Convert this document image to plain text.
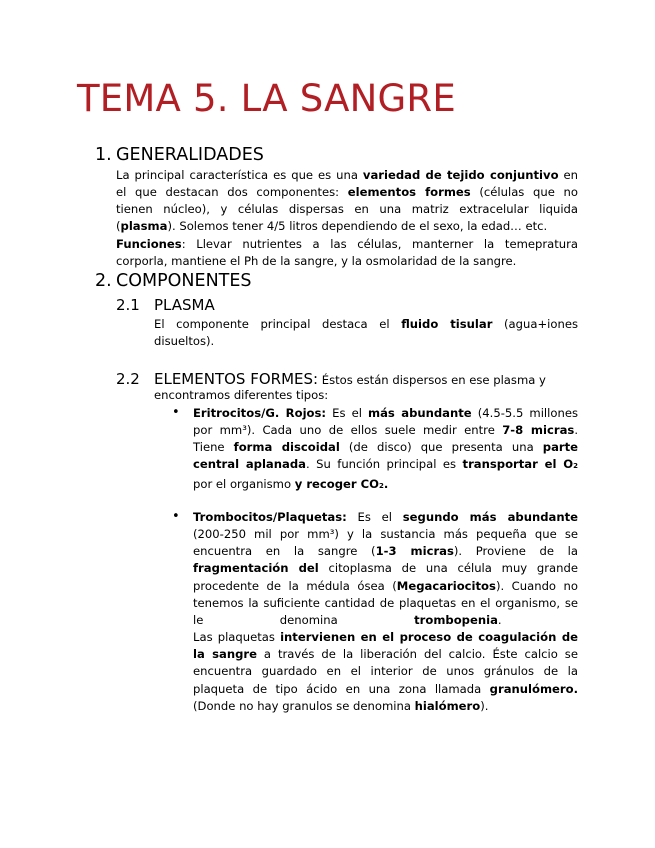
TEMA 5. LA SANGRE
1. GENERALIDADES
La principal característica es que es una variedad de tejido conjuntivo en
el que destacan dos componentes: elementos formes (células que no
tienen núcleo), y células dispersas en una matriz extracelular liquida
(plasma). Solemos tener 4/5 litros dependiendo de el sexo, la edad… etc.
Funciones: Llevar nutrientes a las células, manterner la temepratura
corporla, mantiene el Ph de la sangre, y la osmolaridad de la sangre.
2. COMPONENTES
2.1 PLASMA
El componente principal destaca el fluido tisular (agua+iones
disueltos).
2.2 ELEMENTOS FORMES: Éstos están dispersos en ese plasma y
encontramos diferentes tipos:
• Eritrocitos/G. Rojos: Es el más abundante (4.5-5.5 millones
por mm³). Cada uno de ellos suele medir entre 7-8 micras.
Tiene forma discoidal (de disco) que presenta una parte
central aplanada. Su función principal es transportar el O2
por el organismo y recoger CO2.
• Trombocitos/Plaquetas: Es el segundo más abundante
(200-250 mil por mm³) y la sustancia más pequeña que se
encuentra en la sangre (1-3 micras). Proviene de la
fragmentación del citoplasma de una célula muy grande
procedente de la médula ósea (Megacariocitos). Cuando no
tenemos la suficiente cantidad de plaquetas en el organismo, se
le	denomina	trombopenia.
Las plaquetas intervienen en el proceso de coagulación de
la sangre a través de la liberación del calcio. Éste calcio se
encuentra guardado en el interior de unos gránulos de la
plaqueta de tipo ácido en una zona llamada granulómero.
(Donde no hay granulos se denomina hialómero).
